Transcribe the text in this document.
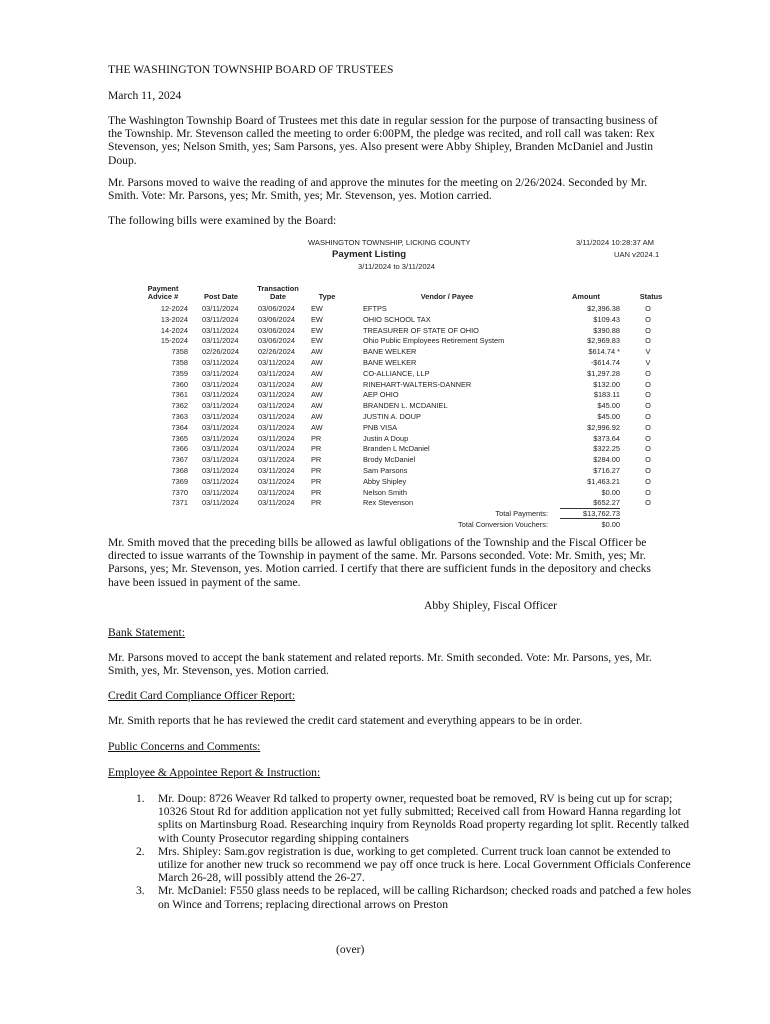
THE WASHINGTON TOWNSHIP BOARD OF TRUSTEES

March 11, 2024

The Washington Township Board of Trustees met this date in regular session for the purpose of transacting business of the Township. Mr. Stevenson called the meeting to order 6:00PM, the pledge was recited, and roll call was taken: Rex Stevenson, yes; Nelson Smith, yes; Sam Parsons, yes. Also present were Abby Shipley, Branden McDaniel and Justin Doup.

Mr. Parsons moved to waive the reading of and approve the minutes for the meeting on 2/26/2024. Seconded by Mr. Smith. Vote: Mr. Parsons, yes; Mr. Smith, yes; Mr. Stevenson, yes. Motion carried.

The following bills were examined by the Board:

WASHINGTON TOWNSHIP, LICKING COUNTY
Payment Listing
3/11/2024 to 3/11/2024
3/11/2024 10:28:37 AM
UAN v2024.1
Payment
Advice #	Post Date
Transaction
Date	Type	Vendor / Payee	Amount	Status
12-2024 03/11/2024	03/06/2024 EW	EFTPS	$2,396.38	O
13-2024 03/11/2024	03/06/2024 EW	OHIO SCHOOL TAX	$109.43	O
14-2024 03/11/2024	03/06/2024 EW	TREASURER OF STATE OF OHIO	$390.88	O
15-2024 03/11/2024	03/06/2024 EW	Ohio Public Employees Retirement System	$2,969.83	O
7358 02/26/2024	02/26/2024 AW	BANE WELKER	$614.74 *	V
7358 03/11/2024	03/11/2024 AW	BANE WELKER	-$614.74	V
7359 03/11/2024	03/11/2024 AW	CO-ALLIANCE, LLP	$1,297.28	O
7360 03/11/2024	03/11/2024 AW	RINEHART-WALTERS-DANNER	$132.00	O
7361 03/11/2024	03/11/2024 AW	AEP OHIO	$183.11	O
7362 03/11/2024	03/11/2024 AW	BRANDEN L. MCDANIEL	$45.00	O
7363 03/11/2024	03/11/2024 AW	JUSTIN A. DOUP	$45.00	O
7364 03/11/2024	03/11/2024 AW	PNB VISA	$2,996.92	O
7365 03/11/2024	03/11/2024 PR	Justin A Doup	$373.64	O
7366 03/11/2024	03/11/2024 PR	Branden L McDaniel	$322.25	O
7367 03/11/2024	03/11/2024 PR	Brody McDaniel	$284.00	O
7368 03/11/2024	03/11/2024 PR	Sam Parsons	$716.27	O
7369 03/11/2024	03/11/2024 PR	Abby Shipley	$1,463.21	O
7370 03/11/2024	03/11/2024 PR	Nelson Smith	$0.00	O
7371 03/11/2024	03/11/2024 PR	Rex Stevenson	$652.27	O
Total Payments:	$13,762.73
Total Conversion Vouchers:	$0.00

Mr. Smith moved that the preceding bills be allowed as lawful obligations of the Township and the Fiscal Officer be directed to issue warrants of the Township in payment of the same. Mr. Parsons seconded. Vote: Mr. Smith, yes; Mr. Parsons, yes; Mr. Stevenson, yes. Motion carried. I certify that there are sufficient funds in the depository and checks have been issued in payment of the same.

Abby Shipley, Fiscal Officer

Bank Statement:

Mr. Parsons moved to accept the bank statement and related reports. Mr. Smith seconded. Vote: Mr. Parsons, yes, Mr. Smith, yes, Mr. Stevenson, yes. Motion carried.

Credit Card Compliance Officer Report:

Mr. Smith reports that he has reviewed the credit card statement and everything appears to be in order.

Public Concerns and Comments:

Employee & Appointee Report & Instruction:

1. Mr. Doup: 8726 Weaver Rd talked to property owner, requested boat be removed, RV is being cut up for scrap; 10326 Stout Rd for addition application not yet fully submitted; Received call from Howard Hanna regarding lot splits on Martinsburg Road. Researching inquiry from Reynolds Road property regarding lot split. Recently talked with County Prosecutor regarding shipping containers
2. Mrs. Shipley: Sam.gov registration is due, working to get completed. Current truck loan cannot be extended to utilize for another new truck so recommend we pay off once truck is here. Local Government Officials Conference March 26-28, will possibly attend the 26-27.
3. Mr. McDaniel: F550 glass needs to be replaced, will be calling Richardson; checked roads and patched a few holes on Wince and Torrens; replacing directional arrows on Preston

(over)
